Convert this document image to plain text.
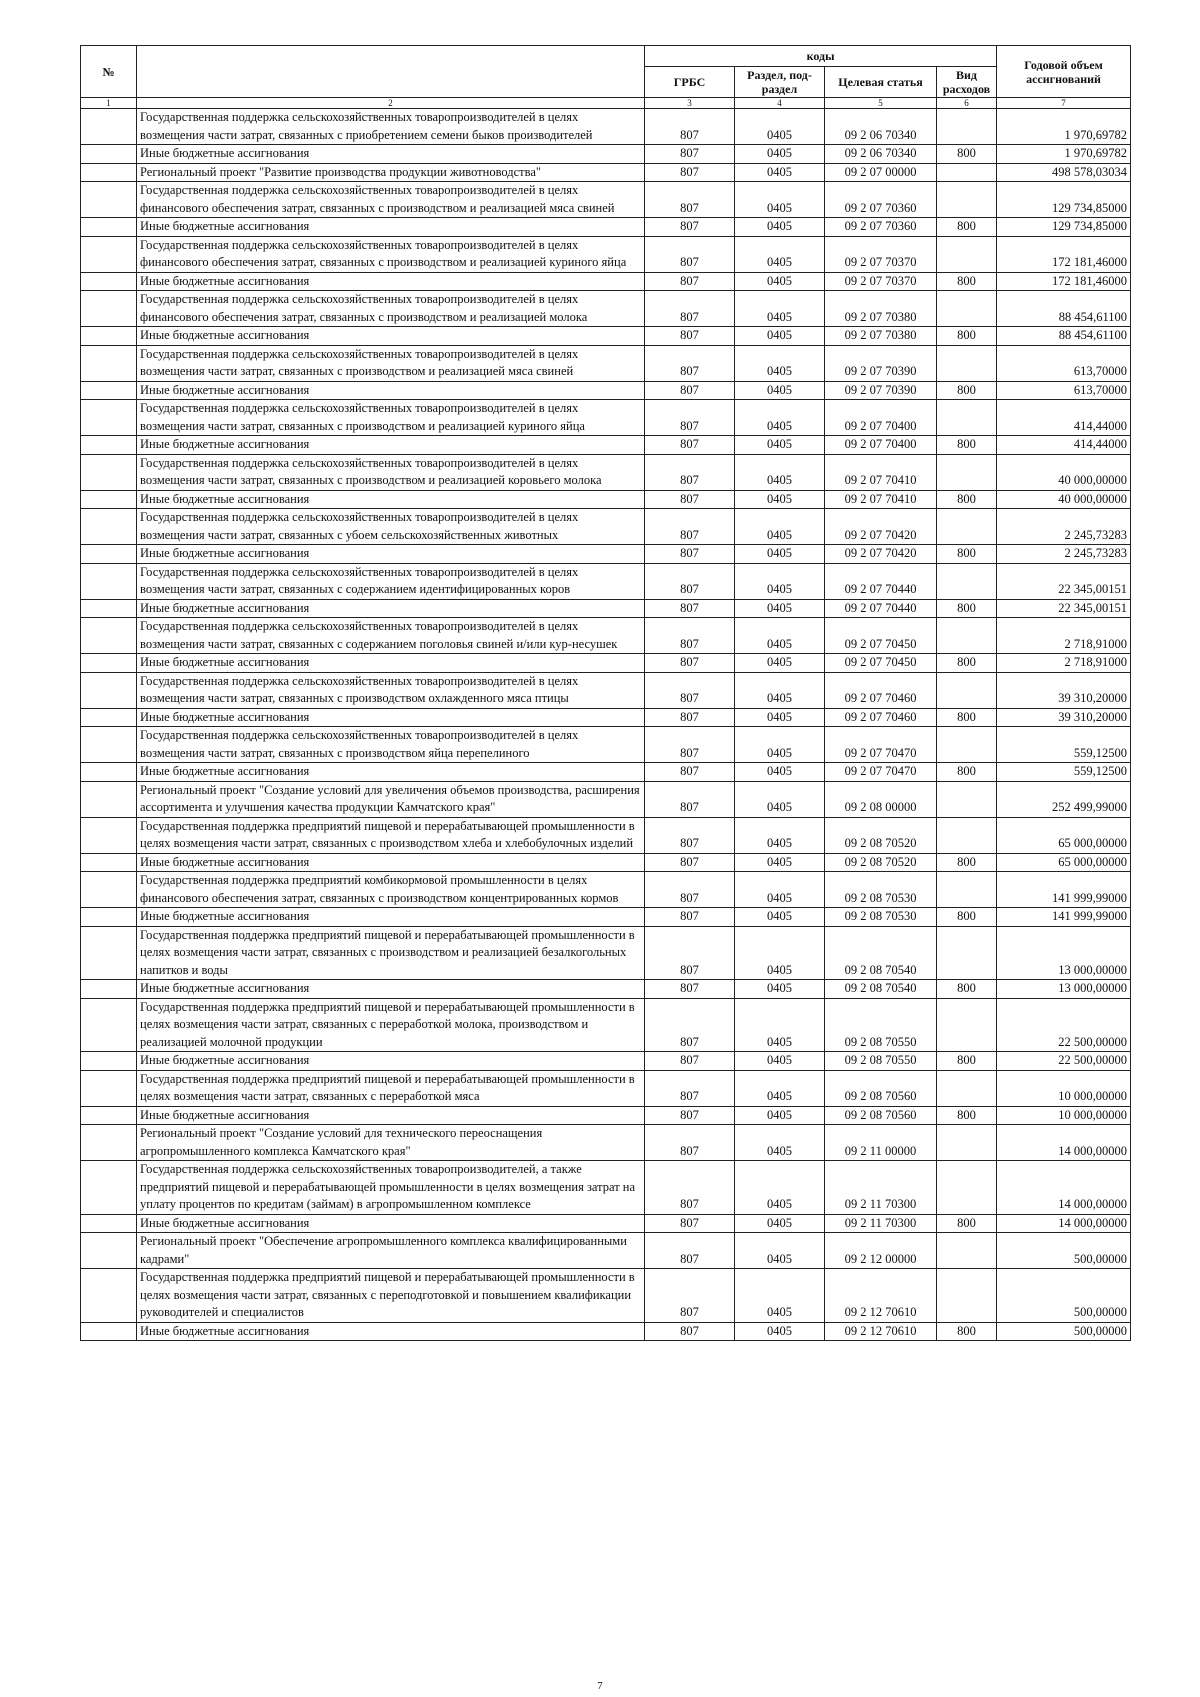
№		коды				Годовой объем ассигнований
		ГРБС	Раздел, под-раздел	Целевая статья	Вид расходов	
1	2	3	4	5	6	7
	Государственная поддержка сельскохозяйственных товаропроизводителей в целях возмещения части затрат, связанных с приобретением семени быков производителей	807	0405	09 2 06 70340		1 970,69782
	Иные бюджетные ассигнования	807	0405	09 2 06 70340	800	1 970,69782
	Региональный проект "Развитие производства продукции животноводства"	807	0405	09 2 07 00000		498 578,03034
	Государственная поддержка сельскохозяйственных товаропроизводителей в целях финансового обеспечения затрат, связанных с производством и реализацией мяса свиней	807	0405	09 2 07 70360		129 734,85000
	Иные бюджетные ассигнования	807	0405	09 2 07 70360	800	129 734,85000
	Государственная поддержка сельскохозяйственных товаропроизводителей в целях финансового обеспечения затрат, связанных с производством и реализацией куриного яйца	807	0405	09 2 07 70370		172 181,46000
	Иные бюджетные ассигнования	807	0405	09 2 07 70370	800	172 181,46000
	Государственная поддержка сельскохозяйственных товаропроизводителей в целях финансового обеспечения затрат, связанных с производством и реализацией молока	807	0405	09 2 07 70380		88 454,61100
	Иные бюджетные ассигнования	807	0405	09 2 07 70380	800	88 454,61100
	Государственная поддержка сельскохозяйственных товаропроизводителей в целях возмещения части затрат, связанных с производством и реализацией мяса свиней	807	0405	09 2 07 70390		613,70000
	Иные бюджетные ассигнования	807	0405	09 2 07 70390	800	613,70000
	Государственная поддержка сельскохозяйственных товаропроизводителей в целях возмещения части затрат, связанных с производством и реализацией куриного яйца	807	0405	09 2 07 70400		414,44000
	Иные бюджетные ассигнования	807	0405	09 2 07 70400	800	414,44000
	Государственная поддержка сельскохозяйственных товаропроизводителей в целях возмещения части затрат, связанных с производством и реализацией коровьего молока	807	0405	09 2 07 70410		40 000,00000
	Иные бюджетные ассигнования	807	0405	09 2 07 70410	800	40 000,00000
	Государственная поддержка сельскохозяйственных товаропроизводителей в целях возмещения части затрат, связанных с убоем сельскохозяйственных животных	807	0405	09 2 07 70420		2 245,73283
	Иные бюджетные ассигнования	807	0405	09 2 07 70420	800	2 245,73283
	Государственная поддержка сельскохозяйственных товаропроизводителей в целях возмещения части затрат, связанных с содержанием идентифицированных коров	807	0405	09 2 07 70440		22 345,00151
	Иные бюджетные ассигнования	807	0405	09 2 07 70440	800	22 345,00151
	Государственная поддержка сельскохозяйственных товаропроизводителей в целях возмещения части затрат, связанных с содержанием поголовья свиней и/или кур-несушек	807	0405	09 2 07 70450		2 718,91000
	Иные бюджетные ассигнования	807	0405	09 2 07 70450	800	2 718,91000
	Государственная поддержка сельскохозяйственных товаропроизводителей в целях возмещения части затрат, связанных с производством охлажденного мяса птицы	807	0405	09 2 07 70460		39 310,20000
	Иные бюджетные ассигнования	807	0405	09 2 07 70460	800	39 310,20000
	Государственная поддержка сельскохозяйственных товаропроизводителей в целях возмещения части затрат, связанных с производством яйца перепелиного	807	0405	09 2 07 70470		559,12500
	Иные бюджетные ассигнования	807	0405	09 2 07 70470	800	559,12500
	Региональный проект "Создание условий для увеличения объемов производства, расширения ассортимента и улучшения качества продукции Камчатского края"	807	0405	09 2 08 00000		252 499,99000
	Государственная поддержка предприятий пищевой и перерабатывающей промышленности в целях возмещения части затрат, связанных с производством хлеба и хлебобулочных изделий	807	0405	09 2 08 70520		65 000,00000
	Иные бюджетные ассигнования	807	0405	09 2 08 70520	800	65 000,00000
	Государственная поддержка предприятий комбикормовой промышленности в целях финансового обеспечения затрат, связанных с производством концентрированных кормов	807	0405	09 2 08 70530		141 999,99000
	Иные бюджетные ассигнования	807	0405	09 2 08 70530	800	141 999,99000
	Государственная поддержка предприятий пищевой и перерабатывающей промышленности в целях возмещения части затрат, связанных с производством и реализацией безалкогольных напитков и воды	807	0405	09 2 08 70540		13 000,00000
	Иные бюджетные ассигнования	807	0405	09 2 08 70540	800	13 000,00000
	Государственная поддержка предприятий пищевой и перерабатывающей промышленности в целях возмещения части затрат, связанных с переработкой молока, производством и реализацией молочной продукции	807	0405	09 2 08 70550		22 500,00000
	Иные бюджетные ассигнования	807	0405	09 2 08 70550	800	22 500,00000
	Государственная поддержка предприятий пищевой и перерабатывающей промышленности в целях возмещения части затрат, связанных с переработкой мяса	807	0405	09 2 08 70560		10 000,00000
	Иные бюджетные ассигнования	807	0405	09 2 08 70560	800	10 000,00000
	Региональный проект "Создание условий для технического переоснащения агропромышленного комплекса Камчатского края"	807	0405	09 2 11 00000		14 000,00000
	Государственная поддержка сельскохозяйственных товаропроизводителей, а также предприятий пищевой и перерабатывающей промышленности в целях возмещения затрат на уплату процентов по кредитам (займам) в агропромышленном комплексе	807	0405	09 2 11 70300		14 000,00000
	Иные бюджетные ассигнования	807	0405	09 2 11 70300	800	14 000,00000
	Региональный проект "Обеспечение агропромышленного комплекса квалифицированными кадрами"	807	0405	09 2 12 00000		500,00000
	Государственная поддержка предприятий пищевой и перерабатывающей промышленности в целях возмещения части затрат, связанных с переподготовкой и повышением квалификации руководителей и специалистов	807	0405	09 2 12 70610		500,00000
	Иные бюджетные ассигнования	807	0405	09 2 12 70610	800	500,00000
7
